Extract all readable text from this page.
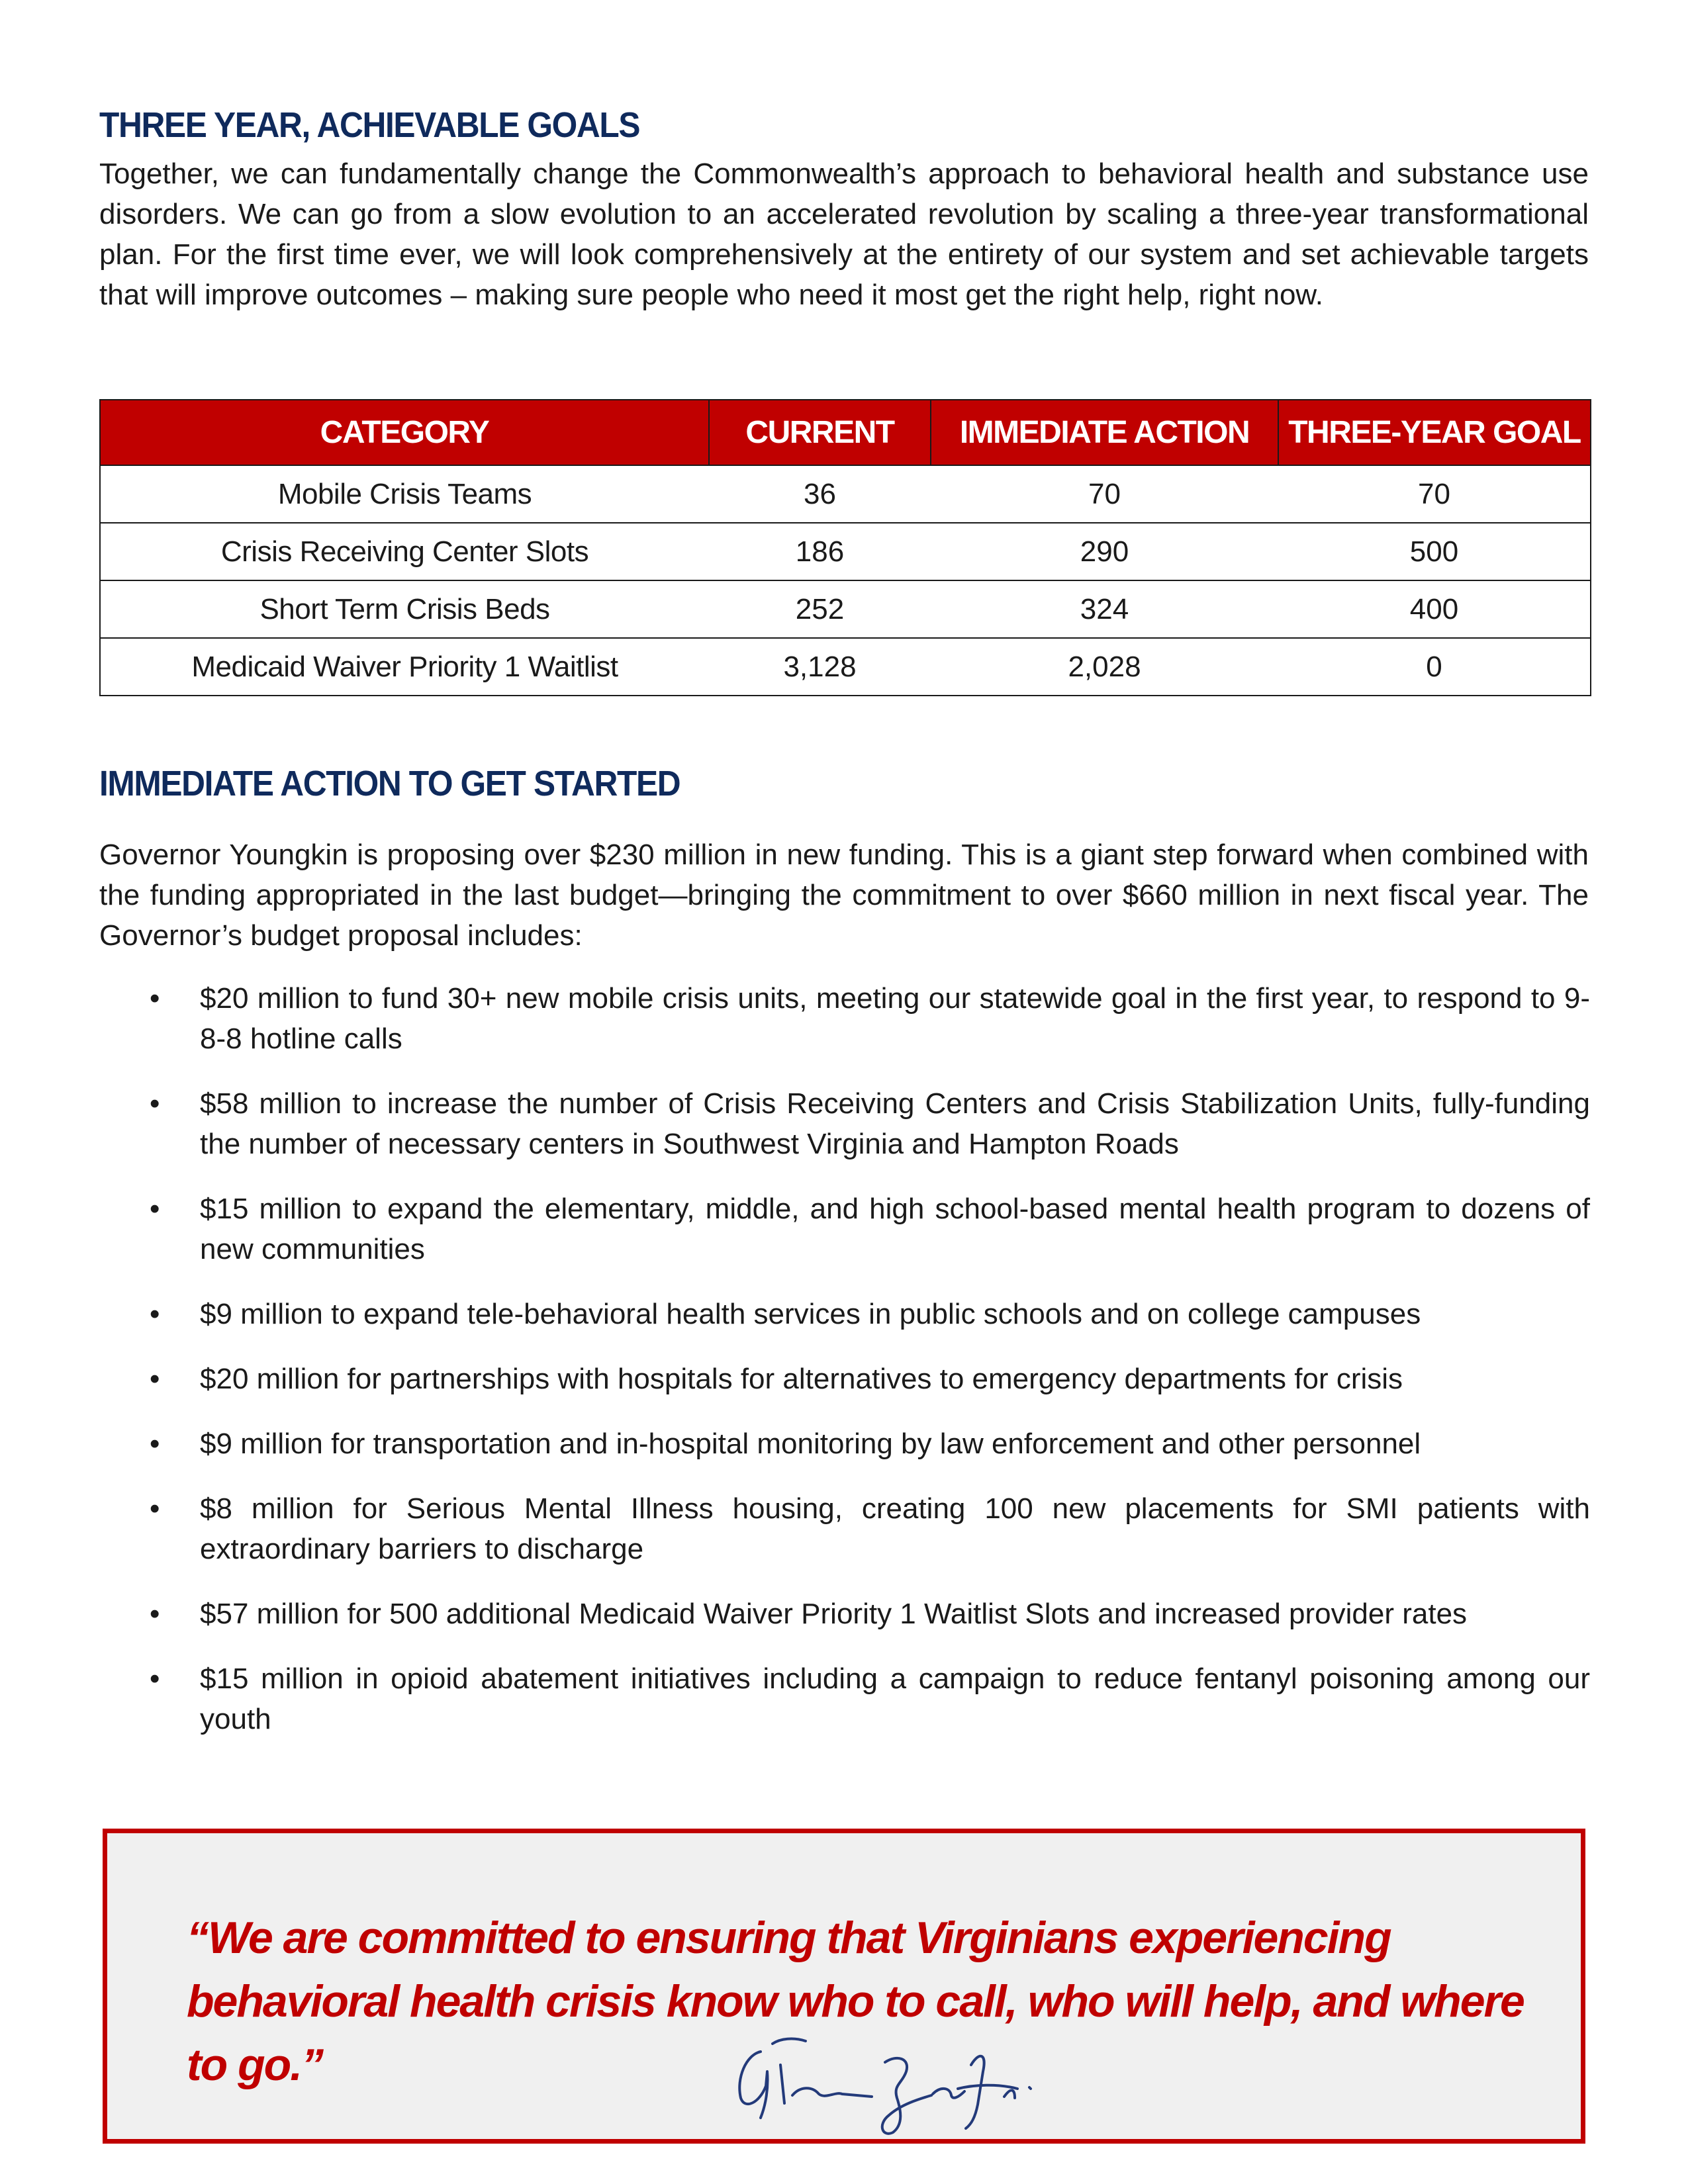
THREE YEAR, ACHIEVABLE GOALS

Together, we can fundamentally change the Commonwealth’s approach to behavioral health and substance use disorders. We can go from a slow evolution to an accelerated revolution by scaling a three-year transformational plan. For the first time ever, we will look comprehensively at the entirety of our system and set achievable targets that will improve outcomes – making sure people who need it most get the right help, right now.

CATEGORY	CURRENT	IMMEDIATE ACTION	THREE-YEAR GOAL
Mobile Crisis Teams	36	70	70
Crisis Receiving Center Slots	186	290	500
Short Term Crisis Beds	252	324	400
Medicaid Waiver Priority 1 Waitlist	3,128	2,028	0
IMMEDIATE ACTION TO GET STARTED

Governor Youngkin is proposing over $230 million in new funding. This is a giant step forward when combined with the funding appropriated in the last budget—bringing the commitment to over $660 million in next fiscal year. The Governor’s budget proposal includes:

• $20 million to fund 30+ new mobile crisis units, meeting our statewide goal in the first year, to respond to 9-8-8 hotline calls
• $58 million to increase the number of Crisis Receiving Centers and Crisis Stabilization Units, fully-funding the number of necessary centers in Southwest Virginia and Hampton Roads
• $15 million to expand the elementary, middle, and high school-based mental health program to dozens of new communities
• $9 million to expand tele-behavioral health services in public schools and on college campuses
• $20 million for partnerships with hospitals for alternatives to emergency departments for crisis
• $9 million for transportation and in-hospital monitoring by law enforcement and other personnel
• $8 million for Serious Mental Illness housing, creating 100 new placements for SMI patients with extraordinary barriers to discharge
• $57 million for 500 additional Medicaid Waiver Priority 1 Waitlist Slots and increased provider rates
• $15 million in opioid abatement initiatives including a campaign to reduce fentanyl poisoning among our youth
“We are committed to ensuring that Virginians experiencing behavioral health crisis know who to call, who will help, and where to go.”
